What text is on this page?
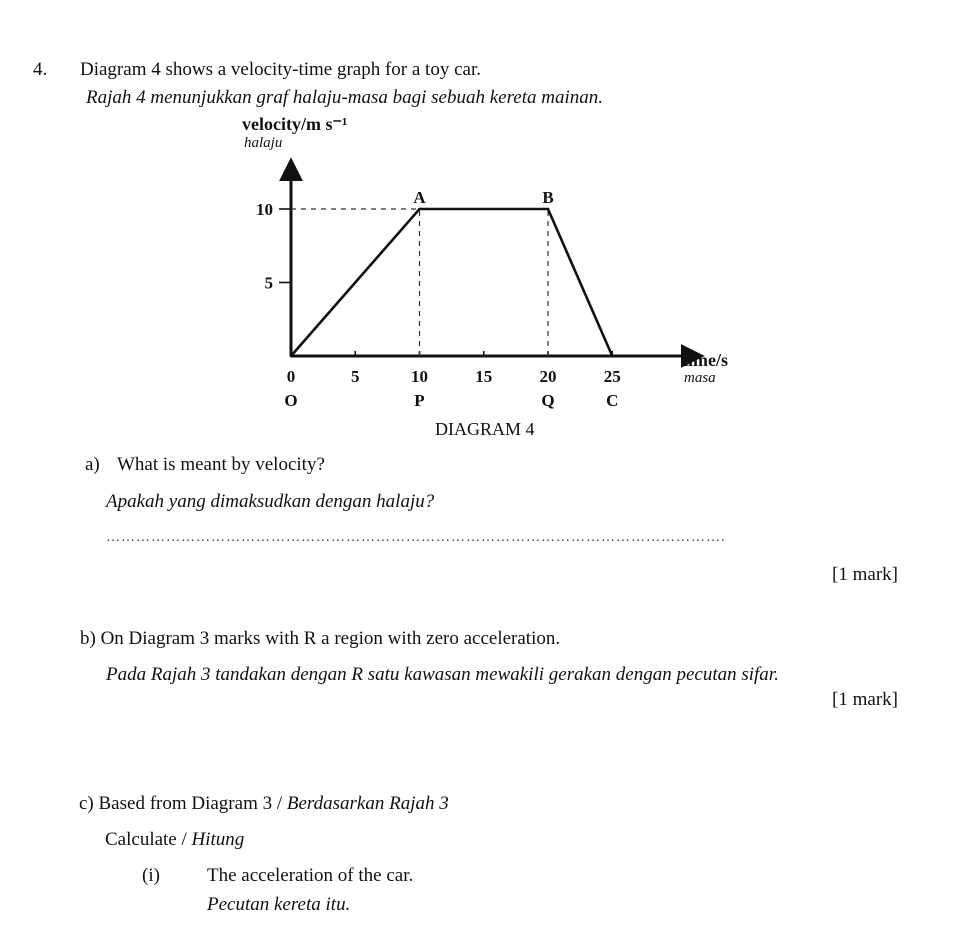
4. Diagram 4 shows a velocity-time graph for a toy car.
Rajah 4 menunjukkan graf halaju-masa bagi sebuah kereta mainan.
0	5	10	15	20	25
5
10
A	B
O	P	Q	C
velocity/m s⁻¹
halaju
time/s
masa
DIAGRAM 4
a) What is meant by velocity?
Apakah yang dimaksudkan dengan halaju?
…………………………………………………………………………………………………………….
[1 mark]
b) On Diagram 3 marks with R a region with zero acceleration.
Pada Rajah 3 tandakan dengan R satu kawasan mewakili gerakan dengan pecutan sifar.
[1 mark]
c) Based from Diagram 3 / Berdasarkan Rajah 3
Calculate / Hitung
(i) The acceleration of the car.
Pecutan kereta itu.
